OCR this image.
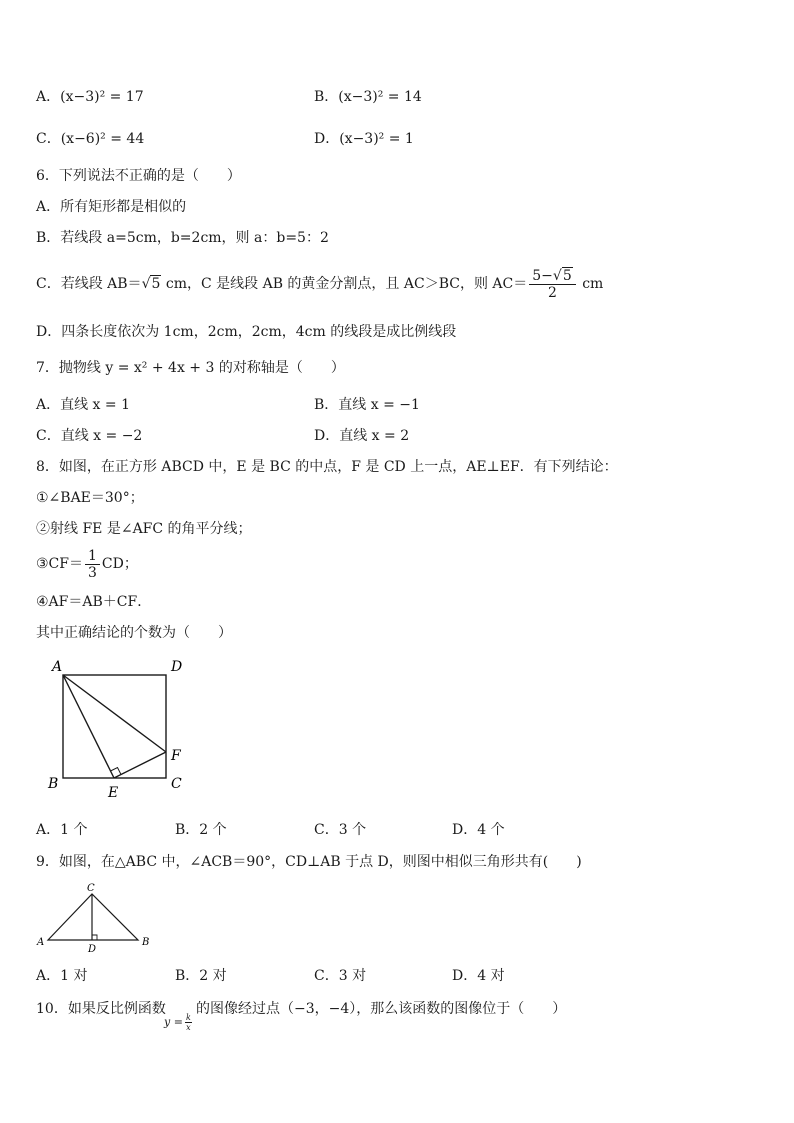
A．(x−3)² = 17	B．(x−3)² = 14
C．(x−6)² = 44	D．(x−3)² = 1
6．下列说法不正确的是（　　）
A．所有矩形都是相似的
B．若线段 a=5cm，b=2cm，则 a：b=5：2
C．若线段 AB＝√5 cm，C 是线段 AB 的黄金分割点，且 AC＞BC，则 $AC= \frac{5-√5}{2}$ cm
D．四条长度依次为 1cm，2cm，2cm，4cm 的线段是成比例线段
7．抛物线 y = x² + 4x + 3 的对称轴是（　　）
A．直线 x = 1	B．直线 x = −1
C．直线 x = −2	D．直线 x = 2
8．如图，在正方形 ABCD 中，E 是 BC 的中点，F 是 CD 上一点，AE⊥EF．有下列结论：
①∠BAE＝30°；
②射线 FE 是∠AFC 的角平分线；
③CF＝ $\frac{1}{3}$ CD；
④AF＝AB＋CF．
其中正确结论的个数为（　　）
A	D
B	C
E
F
A．1 个	B．2 个	C．3 个	D．4 个
9．如图，在△ABC 中，∠ACB＝90°，CD⊥AB 于点 D，则图中相似三角形共有(　　)
C
A	B
D
A．1 对	B．2 对	C．3 对	D．4 对
10．如果反比例函数
$y = \frac{k}{x}$
的图像经过点（−3，−4），那么该函数的图像位于（　　）
